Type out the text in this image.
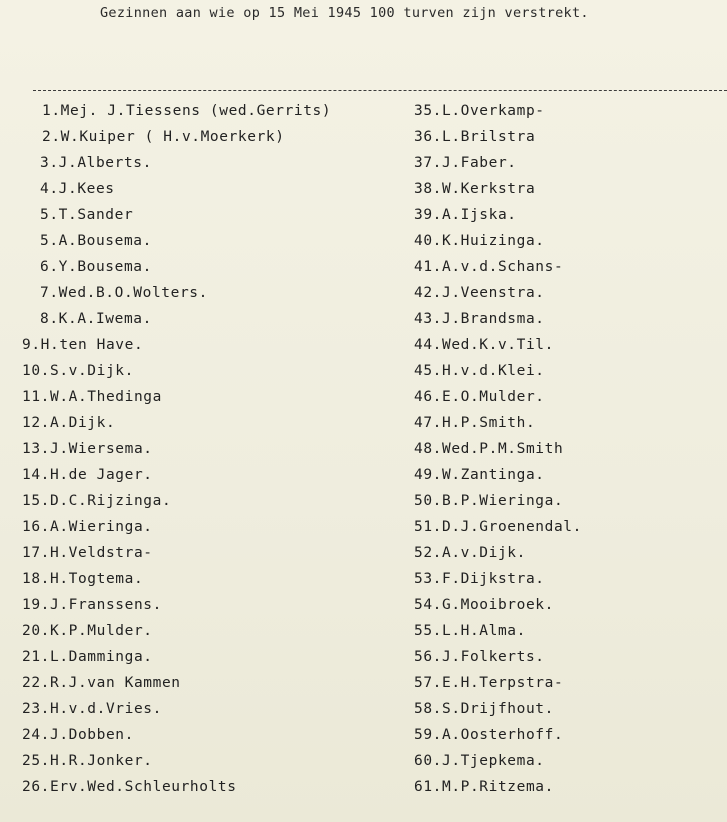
Gezinnen aan wie op 15 Mei 1945 100 turven zijn verstrekt.
1.Mej. J.Tiessens (wed.Gerrits)
2.W.Kuiper ( H.v.Moerkerk)
3.J.Alberts.
4.J.Kees
5.T.Sander
5.A.Bousema.
6.Y.Bousema.
7.Wed.B.O.Wolters.
8.K.A.Iwema.
9.H.ten Have.
10.S.v.Dijk.
11.W.A.Thedinga
12.A.Dijk.
13.J.Wiersema.
14.H.de Jager.
15.D.C.Rijzinga.
16.A.Wieringa.
17.H.Veldstra-
18.H.Togtema.
19.J.Franssens.
20.K.P.Mulder.
21.L.Damminga.
22.R.J.van Kammen
23.H.v.d.Vries.
24.J.Dobben.
25.H.R.Jonker.
26.Erv.Wed.Schleurholts
35.L.Overkamp-
36.L.Brilstra
37.J.Faber.
38.W.Kerkstra
39.A.Ijska.
40.K.Huizinga.
41.A.v.d.Schans-
42.J.Veenstra.
43.J.Brandsma.
44.Wed.K.v.Til.
45.H.v.d.Klei.
46.E.O.Mulder.
47.H.P.Smith.
48.Wed.P.M.Smith
49.W.Zantinga.
50.B.P.Wieringa.
51.D.J.Groenendal.
52.A.v.Dijk.
53.F.Dijkstra.
54.G.Mooibroek.
55.L.H.Alma.
56.J.Folkerts.
57.E.H.Terpstra-
58.S.Drijfhout.
59.A.Oosterhoff.
60.J.Tjepkema.
61.M.P.Ritzema.
